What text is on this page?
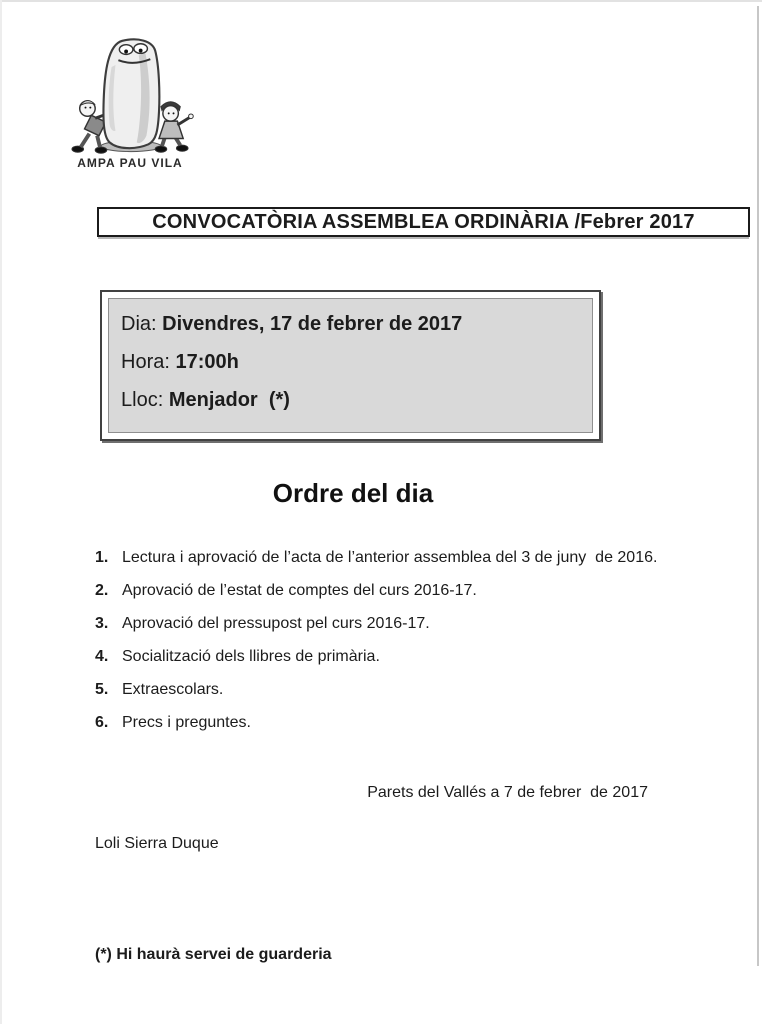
AMPA PAU VILA
CONVOCATÒRIA ASSEMBLEA ORDINÀRIA /Febrer 2017
Dia: Divendres, 17 de febrer de 2017
Hora: 17:00h
Lloc: Menjador  (*)
Ordre del dia
1. Lectura i aprovació de l’acta de l’anterior assemblea del 3 de juny  de 2016.
2. Aprovació de l’estat de comptes del curs 2016-17.
3. Aprovació del pressupost pel curs 2016-17.
4. Socialització dels llibres de primària.
5. Extraescolars.
6. Precs i preguntes.
Parets del Vallés a 7 de febrer  de 2017
Loli Sierra Duque
(*) Hi haurà servei de guarderia
